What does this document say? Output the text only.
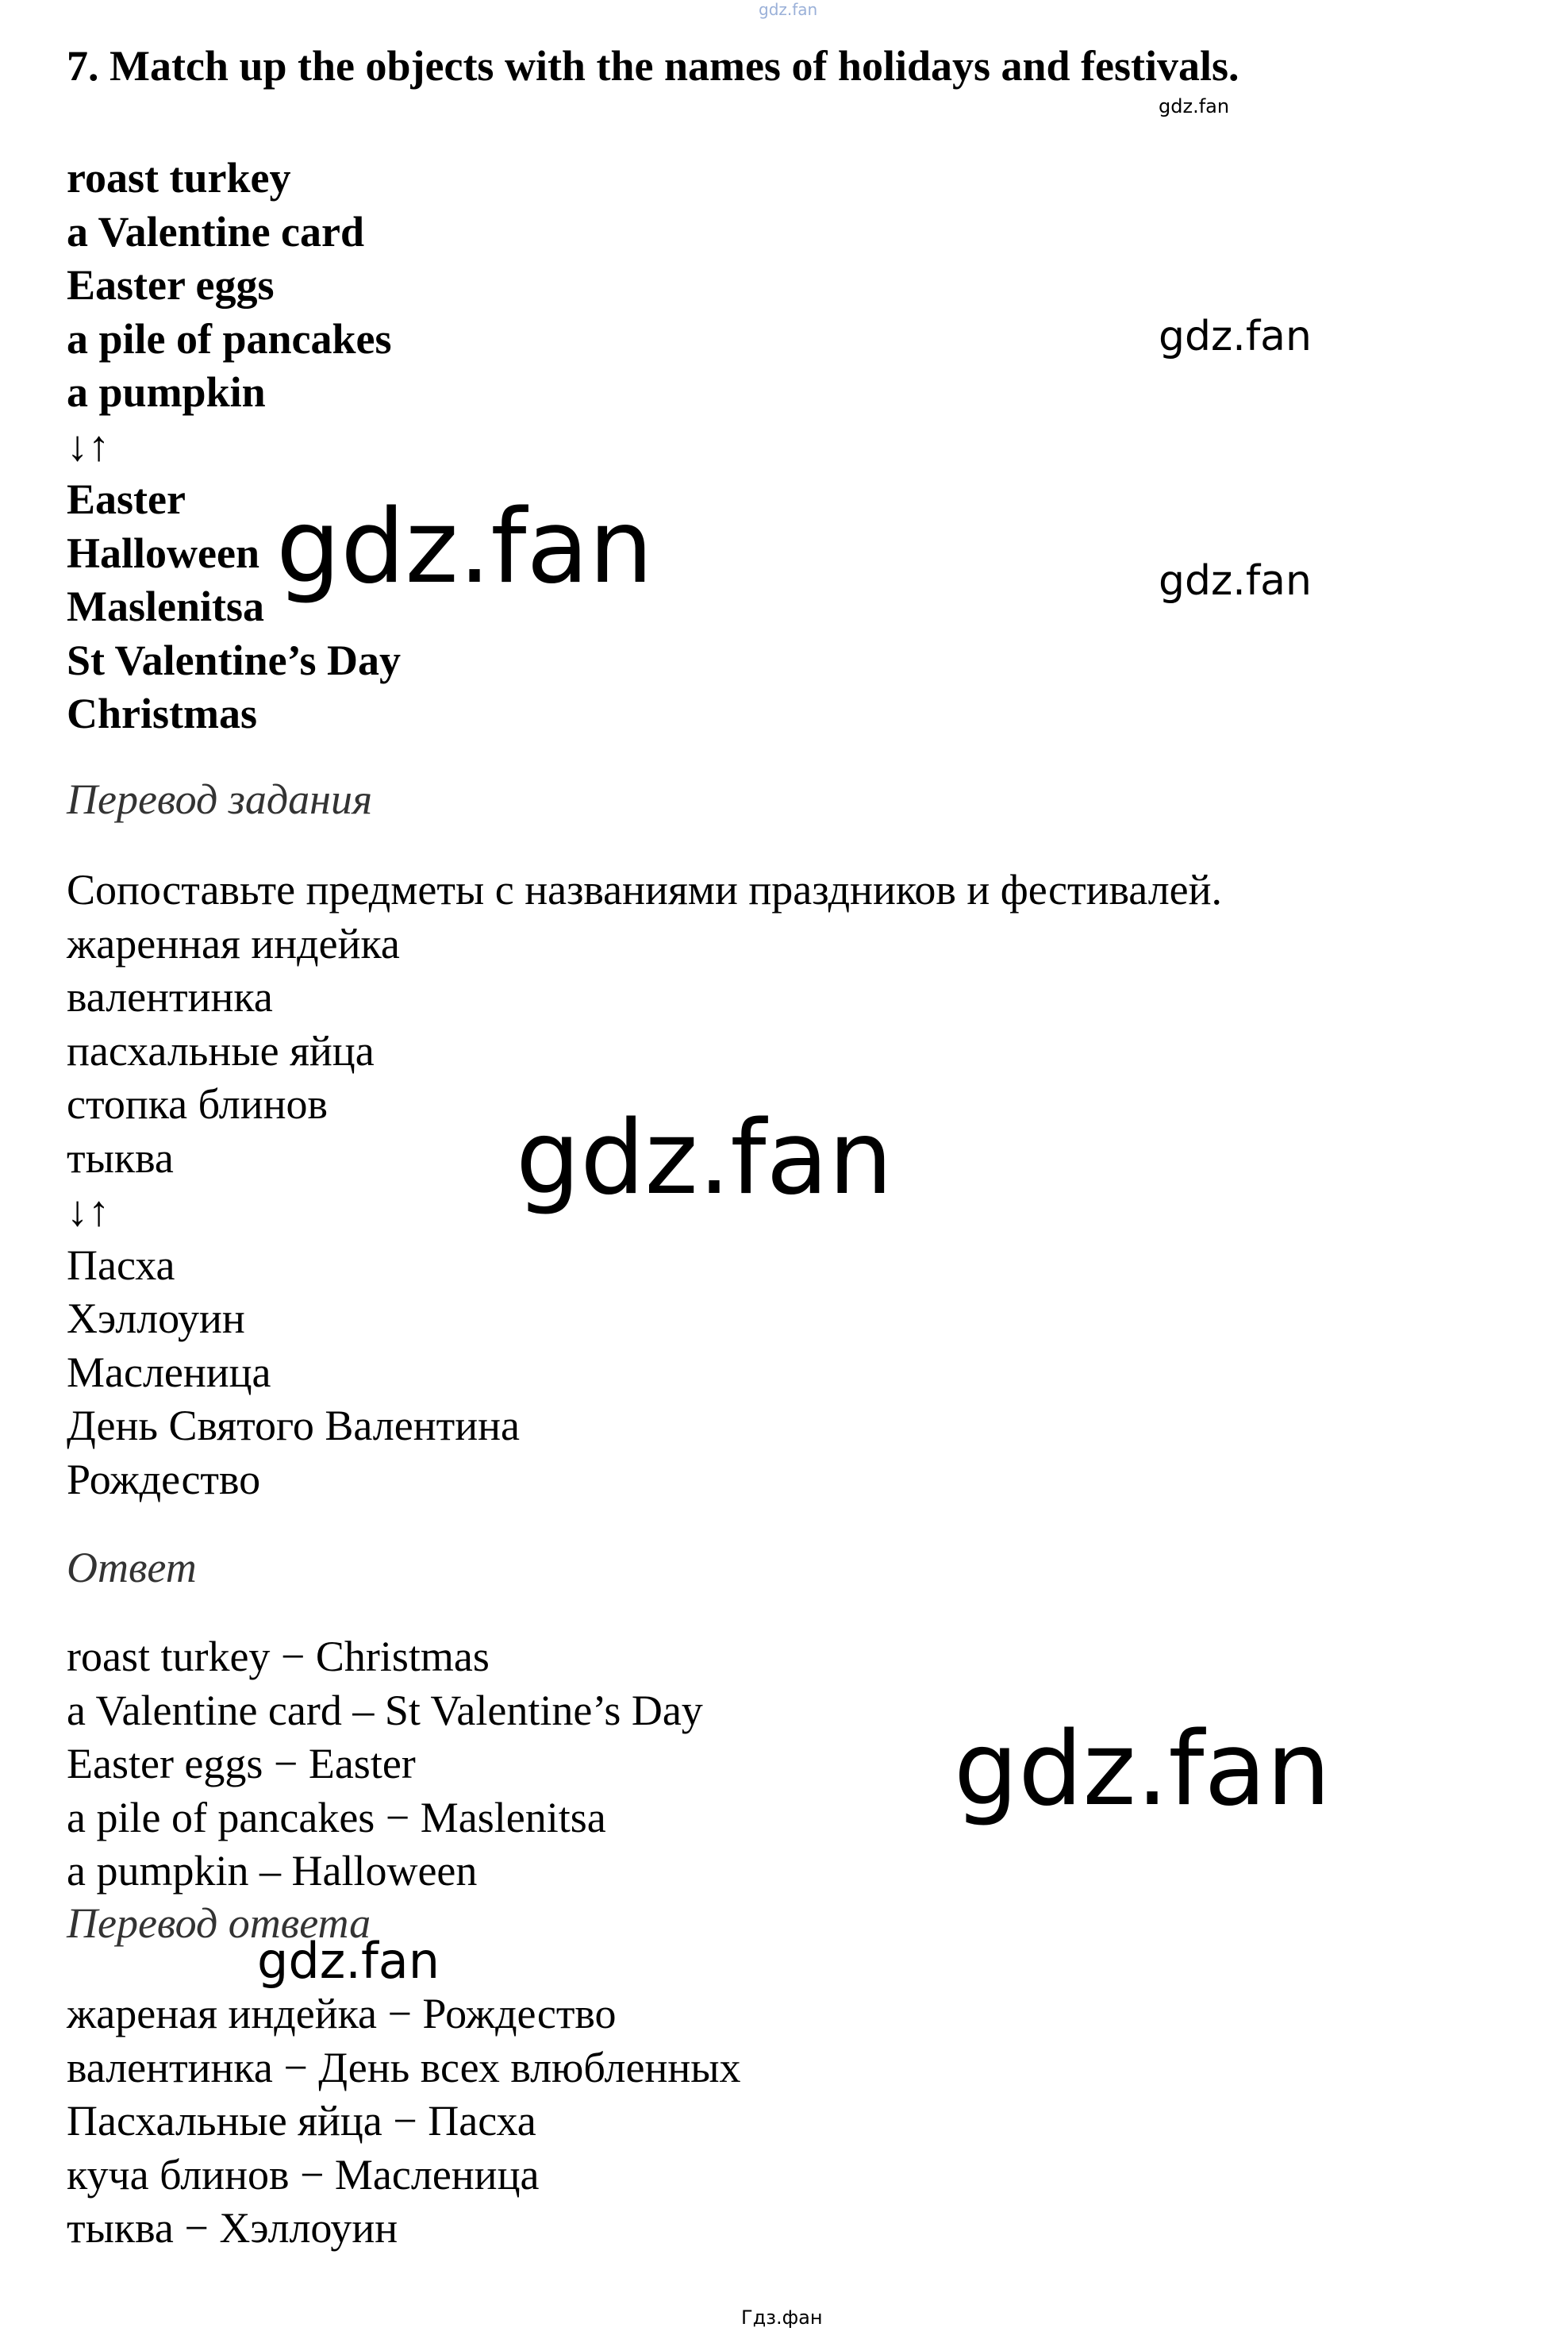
gdz.fan
7. Match up the objects with the names of holidays and festivals.
gdz.fan
roast turkey
a Valentine card
Easter eggs
a pile of pancakes
a pumpkin
↓↑
Easter
Halloween
Maslenitsa
St Valentine’s Day
Christmas
gdz.fan
gdz.fan
gdz.fan
Перевод задания
Сопоставьте предметы с названиями праздников и фестивалей.
жаренная индейка
валентинка
пасхальные яйца
стопка блинов
тыква
↓↑
Пасха
Хэллоуин
Масленица
День Святого Валентина
Рождество
gdz.fan
Ответ
roast turkey − Christmas
a Valentine card – St Valentine’s Day
Easter eggs − Easter
a pile of pancakes − Maslenitsa
a pumpkin – Halloween
gdz.fan
Перевод ответа
gdz.fan
жареная индейка − Рождество
валентинка − День всех влюбленных
Пасхальные яйца − Пасха
куча блинов − Масленица
тыква − Хэллоуин
Гдз.фан
